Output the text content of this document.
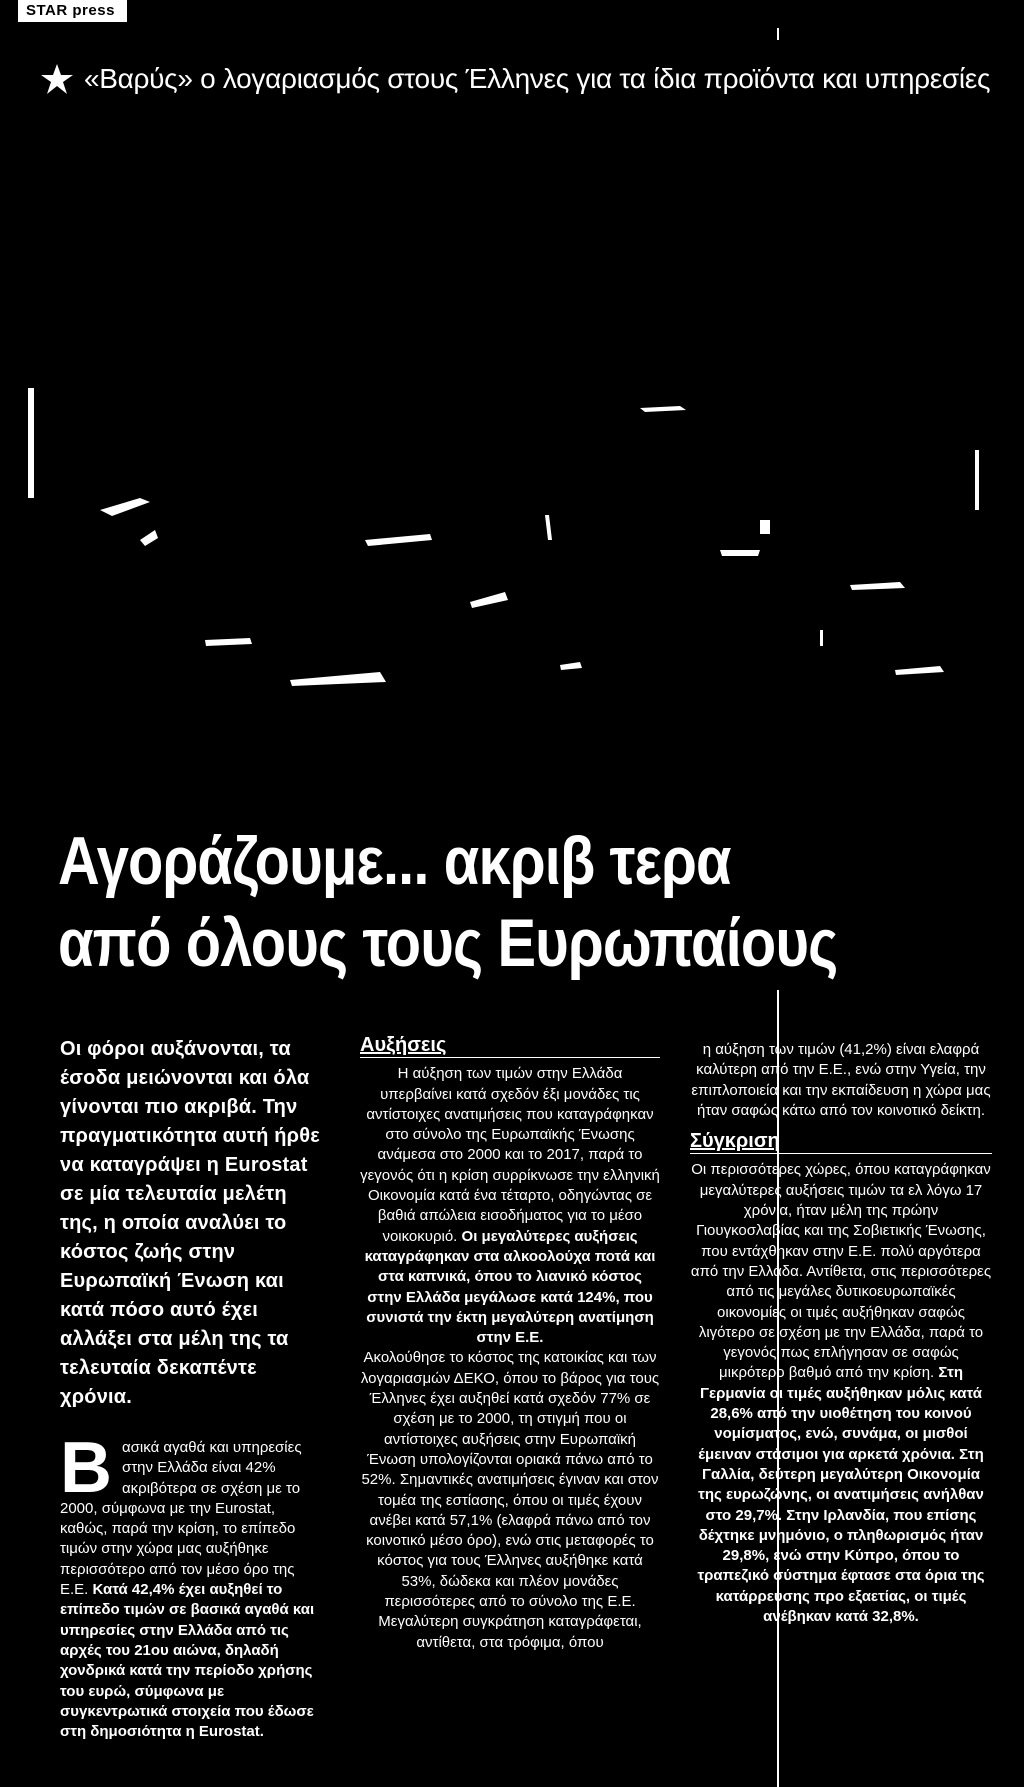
STAR press
«Βαρύς» ο λογαριασμός στους Έλληνες για τα ίδια προϊόντα και υπηρεσίες
Αγοράζουμε... ακριβ τερα
από όλους τους Ευρωπαίους
Οι φόροι αυξάνονται, τα έσοδα μειώνονται και όλα γίνονται πιο ακριβά. Την πραγματικότητα αυτή ήρθε να καταγράψει η Eurostat σε μία τελευταία μελέτη της, η οποία αναλύει το κόστος ζωής στην Ευρωπαϊκή Ένωση και κατά πόσο αυτό έχει αλλάξει στα μέλη της τα τελευταία δεκαπέντε χρόνια.

Β ασικά αγαθά και υπηρεσίες στην Ελλάδα είναι 42% ακριβότερα σε σχέση με το 2000, σύμφωνα με την Eurostat, καθώς, παρά την κρίση, το επίπεδο τιμών στην χώρα μας αυξήθηκε περισσότερο από τον μέσο όρο της Ε.Ε. Κατά 42,4% έχει αυξηθεί το επίπεδο τιμών σε βασικά αγαθά και υπηρεσίες στην Ελλάδα από τις αρχές του 21ου αιώνα, δηλαδή χονδρικά κατά την περίοδο χρήσης του ευρώ, σύμφωνα με συγκεντρωτικά στοιχεία που έδωσε στη δημοσιότητα η Eurostat.

Αυξήσεις

Η αύξηση των τιμών στην Ελλάδα υπερβαίνει κατά σχεδόν έξι μονάδες τις αντίστοιχες ανατιμήσεις που καταγράφηκαν στο σύνολο της Ευρωπαϊκής Ένωσης ανάμεσα στο 2000 και το 2017, παρά το γεγονός ότι η κρίση συρρίκνωσε την ελληνική Οικονομία κατά ένα τέταρτο, οδηγώντας σε βαθιά απώλεια εισοδήματος για το μέσο νοικοκυριό. Οι μεγαλύτερες αυξήσεις καταγράφηκαν στα αλκοολούχα ποτά και στα καπνικά, όπου το λιανικό κόστος στην Ελλάδα μεγάλωσε κατά 124%, που συνιστά την έκτη μεγαλύτερη ανατίμηση στην Ε.Ε.

Ακολούθησε το κόστος της κατοικίας και των λογαριασμών ΔΕΚΟ, όπου το βάρος για τους Έλληνες έχει αυξηθεί κατά σχεδόν 77% σε σχέση με το 2000, τη στιγμή που οι αντίστοιχες αυξήσεις στην Ευρωπαϊκή Ένωση υπολογίζονται οριακά πάνω από το 52%. Σημαντικές ανατιμήσεις έγιναν και στον τομέα της εστίασης, όπου οι τιμές έχουν ανέβει κατά 57,1% (ελαφρά πάνω από τον κοινοτικό μέσο όρο), ενώ στις μεταφορές το κόστος για τους Έλληνες αυξήθηκε κατά 53%, δώδεκα και πλέον μονάδες περισσότερες από το σύνολο της Ε.Ε.

Μεγαλύτερη συγκράτηση καταγράφεται, αντίθετα, στα τρόφιμα, όπου

η αύξηση των τιμών (41,2%) είναι ελαφρά καλύτερη από την Ε.Ε., ενώ στην Υγεία, την επιπλοποιεία και την εκπαίδευση η χώρα μας ήταν σαφώς κάτω από τον κοινοτικό δείκτη.

Σύγκριση

Οι περισσότερες χώρες, όπου καταγράφηκαν μεγαλύτερες αυξήσεις τιμών τα ελ λόγω 17 χρόνια, ήταν μέλη της πρώην Γιουγκοσλαβίας και της Σοβιετικής Ένωσης, που εντάχθηκαν στην Ε.Ε. πολύ αργότερα από την Ελλάδα. Αντίθετα, στις περισσότερες από τις μεγάλες δυτικοευρωπαϊκές οικονομίες οι τιμές αυξήθηκαν σαφώς λιγότερο σε σχέση με την Ελλάδα, παρά το γεγονός πως επλήγησαν σε σαφώς μικρότερο βαθμό από την κρίση. Στη Γερμανία οι τιμές αυξήθηκαν μόλις κατά 28,6% από την υιοθέτηση του κοινού νομίσματος, ενώ, συνάμα, οι μισθοί έμειναν στάσιμοι για αρκετά χρόνια. Στη Γαλλία, δεύτερη μεγαλύτερη Οικονομία της ευρωζώνης, οι ανατιμήσεις ανήλθαν στο 29,7%. Στην Ιρλανδία, που επίσης δέχτηκε μνημόνιο, ο πληθωρισμός ήταν 29,8%, ενώ στην Κύπρο, όπου το τραπεζικό σύστημα έφτασε στα όρια της κατάρρευσης προ εξαετίας, οι τιμές ανέβηκαν κατά 32,8%.
